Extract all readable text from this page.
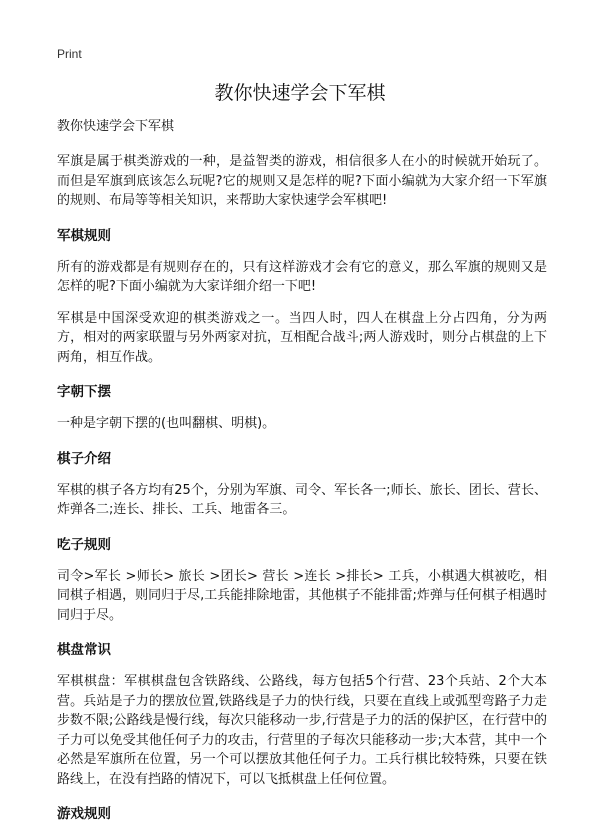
Print
教你快速学会下军棋

教你快速学会下军棋

军旗是属于棋类游戏的一种，是益智类的游戏，相信很多人在小的时候就开始玩了。而但是军旗到底该怎么玩呢?它的规则又是怎样的呢?下面小编就为大家介绍一下军旗的规则、布局等等相关知识，来帮助大家快速学会军棋吧!

军棋规则

所有的游戏都是有规则存在的，只有这样游戏才会有它的意义，那么军旗的规则又是怎样的呢?下面小编就为大家详细介绍一下吧!

军棋是中国深受欢迎的棋类游戏之一。当四人时，四人在棋盘上分占四角，分为两方，相对的两家联盟与另外两家对抗，互相配合战斗;两人游戏时，则分占棋盘的上下两角，相互作战。

字朝下摆

一种是字朝下摆的(也叫翻棋、明棋)。

棋子介绍

军棋的棋子各方均有25个，分别为军旗、司令、军长各一;师长、旅长、团长、营长、炸弹各二;连长、排长、工兵、地雷各三。

吃子规则

司令>军长 >师长> 旅长 >团长> 营长 >连长 >排长> 工兵，小棋遇大棋被吃，相同棋子相遇，则同归于尽,工兵能排除地雷，其他棋子不能排雷;炸弹与任何棋子相遇时同归于尽。

棋盘常识

军棋棋盘：军棋棋盘包含铁路线、公路线，每方包括5个行营、23个兵站、2个大本营。兵站是子力的摆放位置,铁路线是子力的快行线，只要在直线上或弧型弯路子力走步数不限;公路线是慢行线，每次只能移动一步,行营是子力的活的保护区，在行营中的子力可以免受其他任何子力的攻击，行营里的子每次只能移动一步;大本营，其中一个必然是军旗所在位置，另一个可以摆放其他任何子力。工兵行棋比较特殊，只要在铁路线上，在没有挡路的情况下，可以飞抵棋盘上任何位置。

游戏规则
